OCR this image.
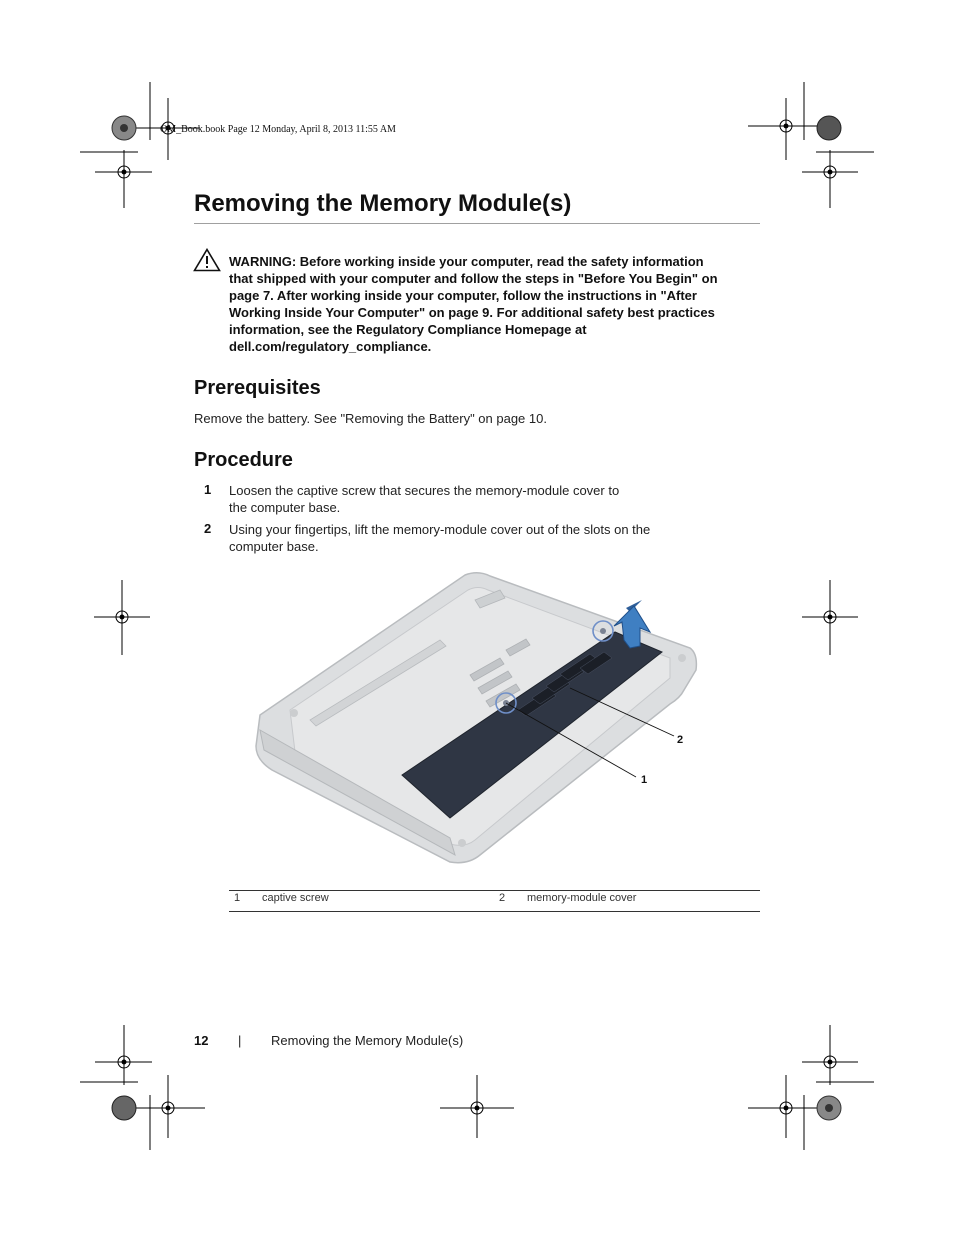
OM_Book.book Page 12 Monday, April 8, 2013 11:55 AM
Removing the Memory Module(s)
WARNING: Before working inside your computer, read the safety information
that shipped with your computer and follow the steps in "Before You Begin" on
page 7. After working inside your computer, follow the instructions in "After
Working Inside Your Computer" on page 9. For additional safety best practices
information, see the Regulatory Compliance Homepage at
dell.com/regulatory_compliance.
Prerequisites
Remove the battery. See "Removing the Battery" on page 10.
Procedure
1 Loosen the captive screw that secures the memory-module cover to
the computer base.
2 Using your fingertips, lift the memory-module cover out of the slots on the
computer base.
1
2
1 captive screw	2 memory-module cover
12 | Removing the Memory Module(s)
